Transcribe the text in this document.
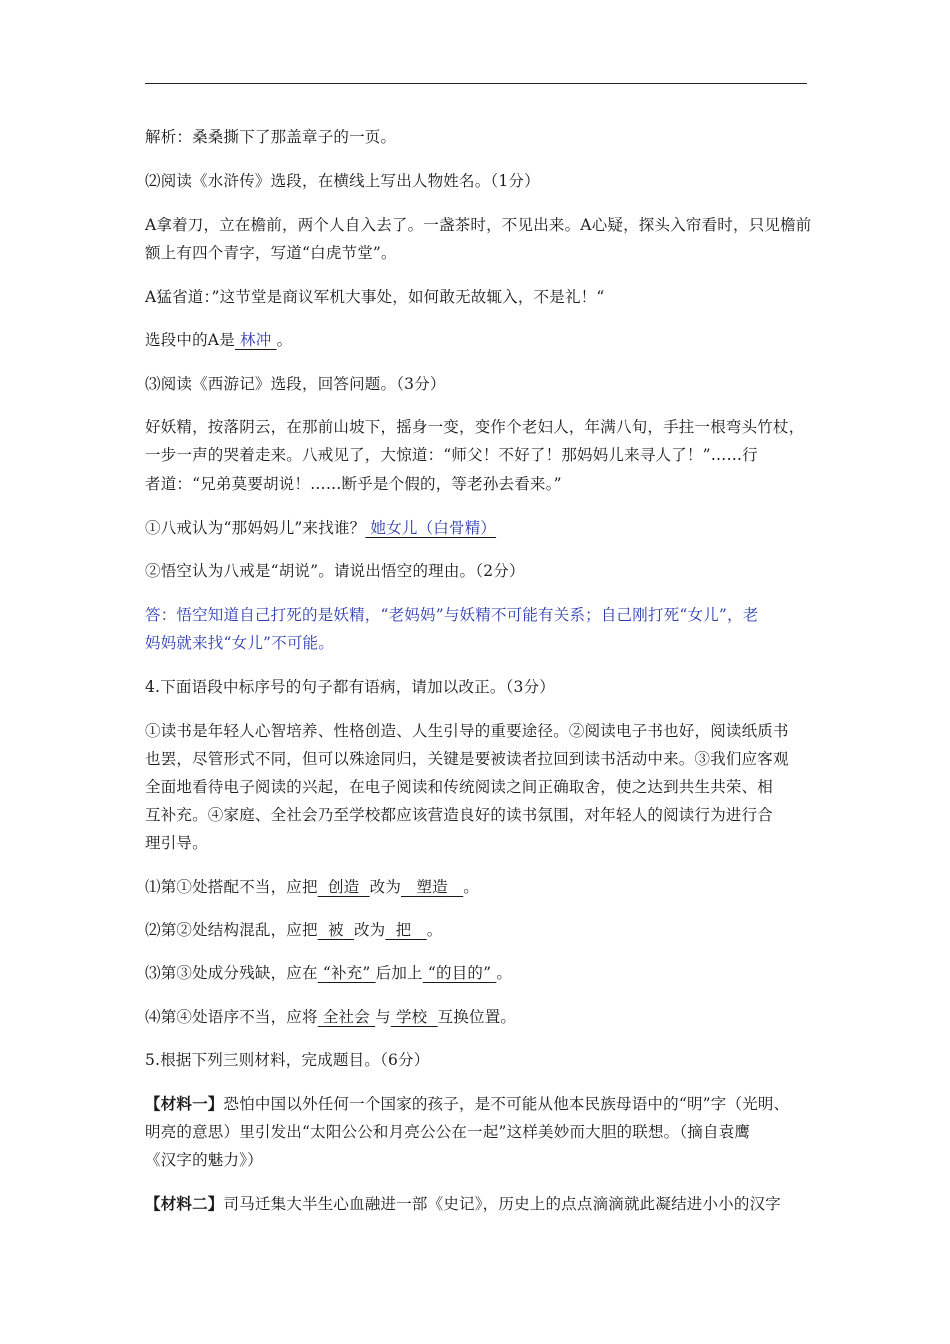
解析：桑桑撕下了那盖章子的一页。
⑵阅读《水浒传》选段，在横线上写出人物姓名。（1分）
A拿着刀，立在檐前，两个人自入去了。一盏茶时，不见出来。A心疑，探头入帘看时，只见檐前
额上有四个青字，写道“白虎节堂”。
A猛省道：”这节堂是商议军机大事处，如何敢无故辄入，不是礼！“
选段中的A是 林冲 。
⑶阅读《西游记》选段，回答问题。（3分）
好妖精，按落阴云，在那前山坡下，摇身一变，变作个老妇人，年满八旬，手拄一根弯头竹杖，
一步一声的哭着走来。八戒见了，大惊道：“师父！不好了！那妈妈儿来寻人了！”……行
者道：“兄弟莫要胡说！……断乎是个假的，等老孙去看来。”
①八戒认为“那妈妈儿”来找谁？ 她女儿（白骨精）
②悟空认为八戒是“胡说”。请说出悟空的理由。（2分）
答：悟空知道自己打死的是妖精，“老妈妈”与妖精不可能有关系；自己刚打死“女儿”，老
妈妈就来找“女儿”不可能。
4.下面语段中标序号的句子都有语病，请加以改正。（3分）
①读书是年轻人心智培养、性格创造、人生引导的重要途径。②阅读电子书也好，阅读纸质书
也罢，尽管形式不同，但可以殊途同归，关键是要被读者拉回到读书活动中来。③我们应客观
全面地看待电子阅读的兴起，在电子阅读和传统阅读之间正确取舍，使之达到共生共荣、相
互补充。④家庭、全社会乃至学校都应该营造良好的读书氛围，对年轻人的阅读行为进行合
理引导。
⑴第①处搭配不当，应把 创造 改为 塑造 。
⑵第②处结构混乱，应把 被 改为 把 。
⑶第③处成分残缺，应在 “补充” 后加上 “的目的” 。
⑷第④处语序不当，应将 全社会 与 学校 互换位置。
5.根据下列三则材料，完成题目。（6分）
【材料一】恐怕中国以外任何一个国家的孩子，是不可能从他本民族母语中的“明”字（光明、
明亮的意思）里引发出“太阳公公和月亮公公在一起”这样美妙而大胆的联想。（摘自袁鹰
《汉字的魅力》）
【材料二】司马迁集大半生心血融进一部《史记》，历史上的点点滴滴就此凝结进小小的汉字
